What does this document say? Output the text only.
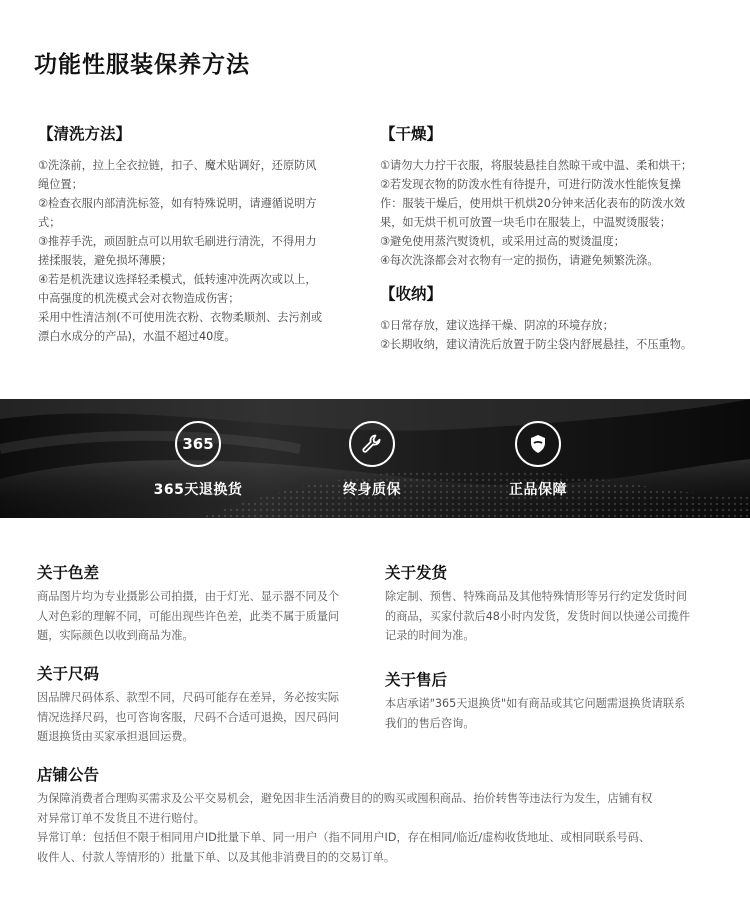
功能性服装保养方法
【清洗方法】
①洗涤前，拉上全衣拉链，扣子、魔术贴调好，还原防风
绳位置；
②检查衣服内部清洗标签，如有特殊说明，请遵循说明方
式；
③推荐手洗，顽固脏点可以用软毛刷进行清洗，不得用力
搓揉服装，避免损坏薄膜；
④若是机洗建议选择轻柔模式，低转速冲洗两次或以上，
中高强度的机洗模式会对衣物造成伤害；
采用中性清洁剂(不可使用洗衣粉、衣物柔顺剂、去污剂或
漂白水成分的产品)，水温不超过40度。
【干燥】
①请勿大力拧干衣服，将服装悬挂自然晾干或中温、柔和烘干；
②若发现衣物的防泼水性有待提升，可进行防泼水性能恢复操
作：服装干燥后，使用烘干机烘20分钟来活化表布的防泼水效
果，如无烘干机可放置一块毛巾在服装上，中温熨烫服装；
③避免使用蒸汽熨烫机，或采用过高的熨烫温度；
④每次洗涤都会对衣物有一定的损伤，请避免频繁洗涤。
【收纳】
①日常存放，建议选择干燥、阴凉的环境存放；
②长期收纳，建议清洗后放置于防尘袋内舒展悬挂，不压重物。
365
365天退换货	终身质保	正品保障
关于色差
商品图片均为专业摄影公司拍摄，由于灯光、显示器不同及个
人对色彩的理解不同，可能出现些许色差，此类不属于质量问
题，实际颜色以收到商品为准。
关于发货
除定制、预售、特殊商品及其他特殊情形等另行约定发货时间
的商品，买家付款后48小时内发货，发货时间以快递公司揽件
记录的时间为准。
关于尺码
因品牌尺码体系、款型不同，尺码可能存在差异，务必按实际
情况选择尺码，也可咨询客服，尺码不合适可退换，因尺码问
题退换货由买家承担退回运费。
关于售后
本店承诺"365天退换货"如有商品或其它问题需退换货请联系
我们的售后咨询。
店铺公告
为保障消费者合理购买需求及公平交易机会，避免因非生活消费目的的购买或囤积商品、抬价转售等违法行为发生，店铺有权
对异常订单不发货且不进行赔付。
异常订单：包括但不限于相同用户ID批量下单、同一用户（指不同用户ID，存在相同/临近/虚构收货地址、或相同联系号码、
收件人、付款人等情形的）批量下单、以及其他非消费目的的交易订单。
